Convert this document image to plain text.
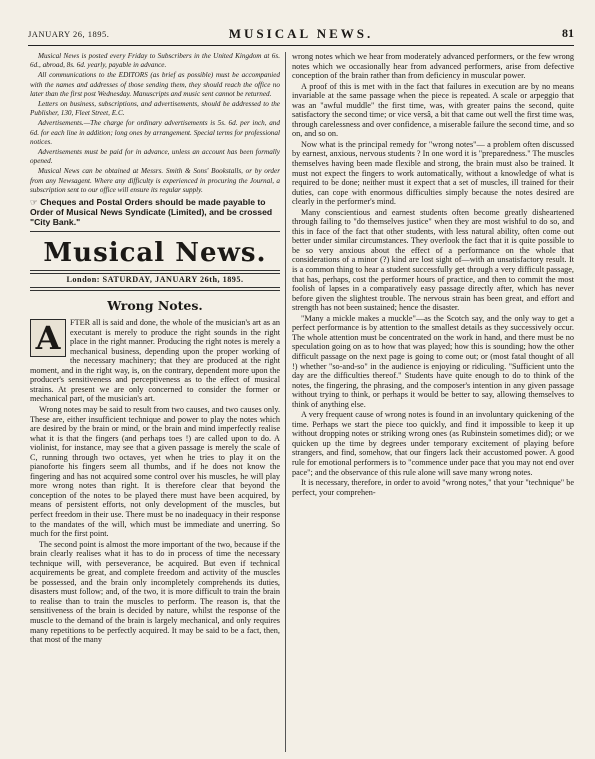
JANUARY 26, 1895.	MUSICAL NEWS.	81

Musical News is posted every Friday to Subscribers in the United Kingdom at 6s. 6d., abroad, 8s. 6d. yearly, payable in advance.

All communications to the EDITORS (as brief as possible) must be accompanied with the names and addresses of those sending them, they should reach the office no later than the first post Wednesday. Manuscripts and music sent cannot be returned.

Letters on business, subscriptions, and advertisements, should be addressed to the Publisher, 130, Fleet Street, E.C.

Advertisements.—The charge for ordinary advertisements is 5s. 6d. per inch, and 6d. for each line in addition; long ones by arrangement. Special terms for professional notices.

Advertisements must be paid for in advance, unless an account has been formally opened.

Musical News can be obtained at Messrs. Smith & Sons' Bookstalls, or by order from any Newsagent. Where any difficulty is experienced in procuring the Journal, a subscription sent to our office will ensure its regular supply.

☞ Cheques and Postal Orders should be made payable to Order of Musical News Syndicate (Limited), and be crossed "City Bank."
Musical News.
London: SATURDAY, JANUARY 26th, 1895.
Wrong Notes.

A	FTER all is said and done, the whole of the musician's art as an executant is merely to produce the right sounds in the right place in the right manner. Producing the right notes is merely a mechanical business, depending upon the proper working of the necessary machinery; that they are produced at the right moment, and in the right way, is, on the contrary, dependent more upon the producer's sensitiveness and perceptiveness as to the effect of musical strains. At present we are only concerned to consider the former or mechanical part, of the musician's art.

Wrong notes may be said to result from two causes, and two causes only. These are, either insufficient technique and power to play the notes which are desired by the brain or mind, or the brain and mind imperfectly realise what it is that the fingers (and perhaps toes !) are called upon to do. A violinist, for instance, may see that a given passage is merely the scale of C, running through two octaves, yet when he tries to play it on the pianoforte his fingers seem all thumbs, and if he does not know the fingering and has not acquired some control over his muscles, he will play more wrong notes than right. It is therefore clear that beyond the conception of the notes to be played there must have been acquired, by means of persistent efforts, not only development of the muscles, but perfect freedom in their use. There must be no inadequacy in their response to the mandates of the will, which must be immediate and unerring. So much for the first point.

The second point is almost the more important of the two, because if the brain clearly realises what it has to do in process of time the necessary technique will, with perseverance, be acquired. But even if technical acquirements be great, and complete freedom and activity of the muscles be possessed, and the brain only incompletely comprehends its duties, disasters must follow; and, of the two, it is more difficult to train the brain to realise than to train the muscles to perform. The reason is, that the sensitiveness of the brain is decided by nature, whilst the response of the muscle to the demand of the brain is largely mechanical, and only requires many repetitions to be perfectly acquired. It may be said to be a fact, then, that most of the many

wrong notes which we hear from moderately advanced performers, or the few wrong notes which we occasionally hear from advanced performers, arise from defective conception of the brain rather than from deficiency in muscular power.

A proof of this is met with in the fact that failures in execution are by no means invariable at the same passage when the piece is repeated. A scale or arpeggio that was an "awful muddle" the first time, was, with greater pains the second, quite satisfactory the second time; or vice versâ, a bit that came out well the first time was, through carelessness and over confidence, a miserable failure the second time, and so on, and so on.

Now what is the principal remedy for "wrong notes"— a problem often discussed by earnest, anxious, nervous students ? In one word it is "preparedness." The muscles themselves having been made flexible and strong, the brain must also be trained. It must not expect the fingers to work automatically, without a knowledge of what is required to be done; neither must it expect that a set of muscles, ill trained for their duties, can cope with enormous difficulties simply because the notes desired are clearly in the performer's mind.

Many conscientious and earnest students often become greatly disheartened through failing to "do themselves justice" when they are most wishful to do so, and this in face of the fact that other students, with less natural ability, often come out better under similar circumstances. They overlook the fact that it is quite possible to be so very anxious about the effect of a performance on the whole that considerations of a minor (?) kind are lost sight of—with an unsatisfactory result. It is a common thing to hear a student successfully get through a very difficult passage, that has, perhaps, cost the performer hours of practice, and then to commit the most foolish of lapses in a comparatively easy passage directly after, which has never before given the slightest trouble. The nervous strain has been great, and effort and strength has not been sustained; hence the disaster.

"Many a mickle makes a muckle"—as the Scotch say, and the only way to get a perfect performance is by attention to the smallest details as they successively occur. The whole attention must be concentrated on the work in hand, and there must be no speculation going on as to how that was played; how this is sounding; how the other difficult passage on the next page is going to come out; or (most fatal thought of all !) whether "so-and-so" in the audience is enjoying or ridiculing. "Sufficient unto the day are the difficulties thereof." Students have quite enough to do to think of the notes, the fingering, the phrasing, and the composer's intention in any given passage without trying to think, or perhaps it would be better to say, allowing themselves to think of anything else.

A very frequent cause of wrong notes is found in an involuntary quickening of the time. Perhaps we start the piece too quickly, and find it impossible to keep it up without dropping notes or striking wrong ones (as Rubinstein sometimes did); or we quicken up the time by degrees under temporary excitement of playing before strangers, and find, somehow, that our fingers lack their accustomed power. A good rule for emotional performers is to "commence under pace that you may not end over pace"; and the observance of this rule alone will save many wrong notes.

It is necessary, therefore, in order to avoid "wrong notes," that your "technique" be perfect, your comprehen-
